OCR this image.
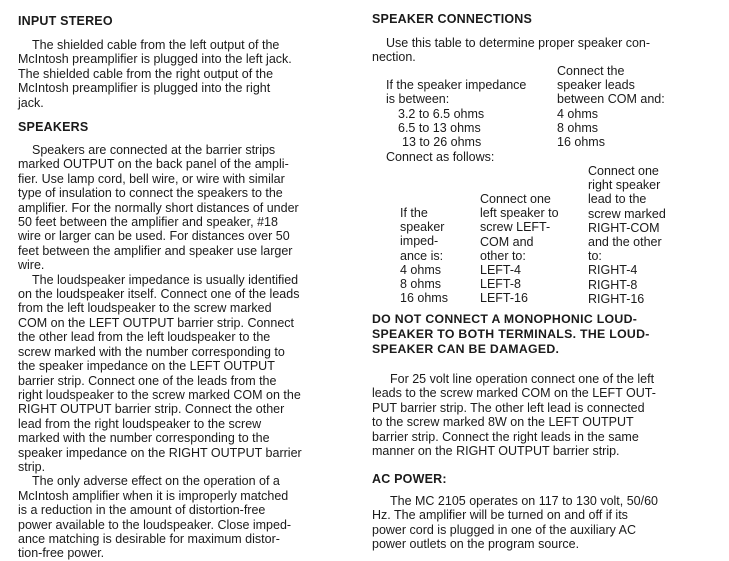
INPUT STEREO
The shielded cable from the left output of the
McIntosh preamplifier is plugged into the left jack.
The shielded cable from the right output of the
McIntosh preamplifier is plugged into the right
jack.
SPEAKERS
Speakers are connected at the barrier strips
marked OUTPUT on the back panel of the ampli-
fier. Use lamp cord, bell wire, or wire with similar
type of insulation to connect the speakers to the
amplifier. For the normally short distances of under
50 feet between the amplifier and speaker, #18
wire or larger can be used. For distances over 50
feet between the amplifier and speaker use larger
wire.
The loudspeaker impedance is usually identified
on the loudspeaker itself. Connect one of the leads
from the left loudspeaker to the screw marked
COM on the LEFT OUTPUT barrier strip. Connect
the other lead from the left loudspeaker to the
screw marked with the number corresponding to
the speaker impedance on the LEFT OUTPUT
barrier strip. Connect one of the leads from the
right loudspeaker to the screw marked COM on the
RIGHT OUTPUT barrier strip. Connect the other
lead from the right loudspeaker to the screw
marked with the number corresponding to the
speaker impedance on the RIGHT OUTPUT barrier
strip.
The only adverse effect on the operation of a
McIntosh amplifier when it is improperly matched
is a reduction in the amount of distortion-free
power available to the loudspeaker. Close imped-
ance matching is desirable for maximum distor-
tion-free power.
SPEAKER CONNECTIONS
Use this table to determine proper speaker con-
nection.

If the speaker impedance
is between:
3.2 to 6.5 ohms
6.5 to 13 ohms
13 to 26 ohms
Connect the
speaker leads
between COM and:
4 ohms
8 ohms
16 ohms
Connect as follows:
If the
speaker
imped-
ance is:
4 ohms
8 ohms
16 ohms
Connect one
left speaker to
screw LEFT-
COM and
other to:
LEFT-4
LEFT-8
LEFT-16
Connect one
right speaker
lead to the
screw marked
RIGHT-COM
and the other
to:
RIGHT-4
RIGHT-8
RIGHT-16
DO NOT CONNECT A MONOPHONIC LOUD-
SPEAKER TO BOTH TERMINALS. THE LOUD-
SPEAKER CAN BE DAMAGED.
For 25 volt line operation connect one of the left
leads to the screw marked COM on the LEFT OUT-
PUT barrier strip. The other left lead is connected
to the screw marked 8W on the LEFT OUTPUT
barrier strip. Connect the right leads in the same
manner on the RIGHT OUTPUT barrier strip.
AC POWER:
The MC 2105 operates on 117 to 130 volt, 50/60
Hz. The amplifier will be turned on and off if its
power cord is plugged in one of the auxiliary AC
power outlets on the program source.
